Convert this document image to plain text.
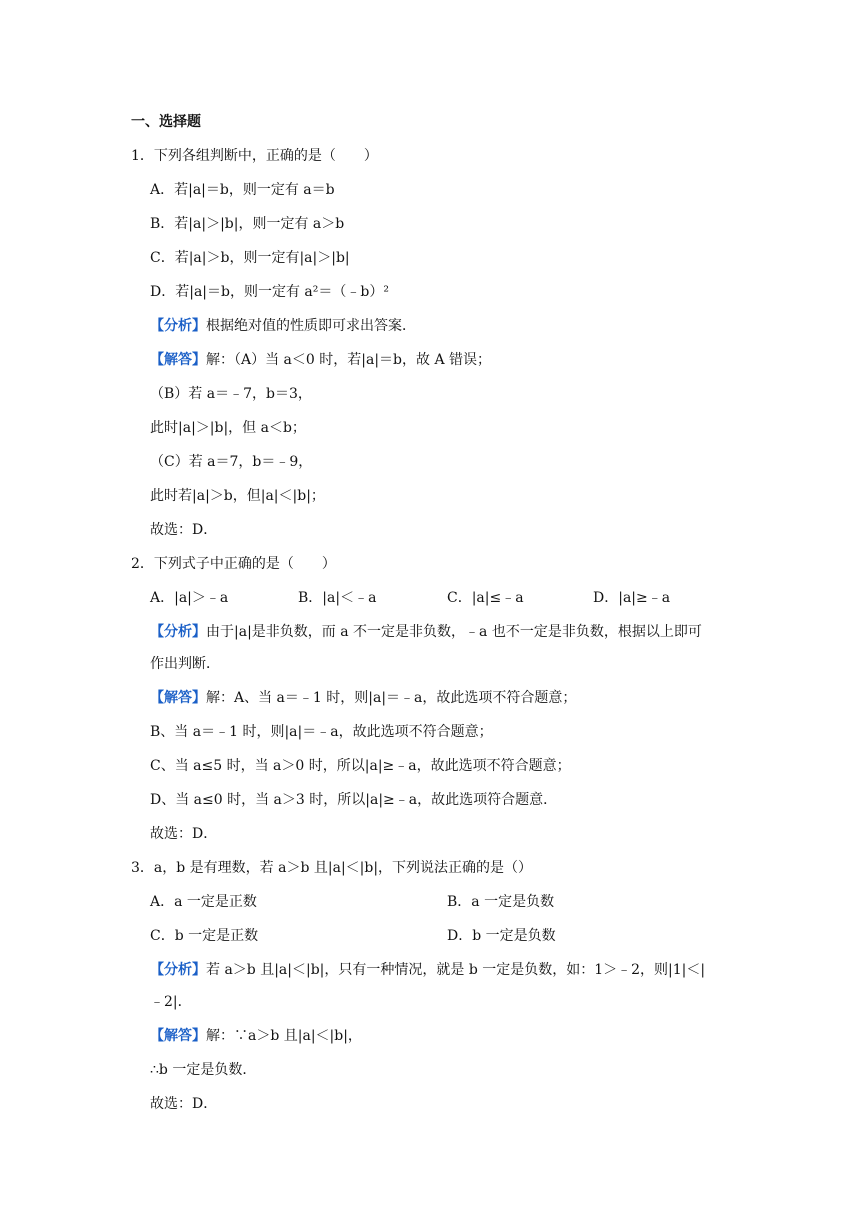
一、选择题
1．下列各组判断中，正确的是（　　）
A．若|a|＝b，则一定有 a＝b
B．若|a|＞|b|，则一定有 a＞b
C．若|a|＞b，则一定有|a|＞|b|
D．若|a|＝b，则一定有 a²＝（﹣b）²
【分析】根据绝对值的性质即可求出答案．
【解答】解：（A）当 a＜0 时，若|a|＝b，故 A 错误；
（B）若 a＝﹣7，b＝3，
此时|a|＞|b|，但 a＜b；
（C）若 a＝7，b＝﹣9，
此时若|a|＞b，但|a|＜|b|；
故选：D．
2．下列式子中正确的是（　　）
A．|a|＞﹣a	B．|a|＜﹣a	C．|a|≤﹣a	D．|a|≥﹣a
【分析】由于|a|是非负数，而 a 不一定是非负数，﹣a 也不一定是非负数，根据以上即可
作出判断．
【解答】解：A、当 a＝﹣1 时，则|a|＝﹣a，故此选项不符合题意；
B、当 a＝﹣1 时，则|a|＝﹣a，故此选项不符合题意；
C、当 a≤5 时，当 a＞0 时，所以|a|≥﹣a，故此选项不符合题意；
D、当 a≤0 时，当 a＞3 时，所以|a|≥﹣a，故此选项符合题意．
故选：D．
3．a，b 是有理数，若 a＞b 且|a|＜|b|，下列说法正确的是（）
A．a 一定是正数	B．a 一定是负数
C．b 一定是正数	D．b 一定是负数
【分析】若 a＞b 且|a|＜|b|，只有一种情况，就是 b 一定是负数，如：1＞﹣2，则|1|＜|
﹣2|．
【解答】解：∵a＞b 且|a|＜|b|，
∴b 一定是负数．
故选：D．
